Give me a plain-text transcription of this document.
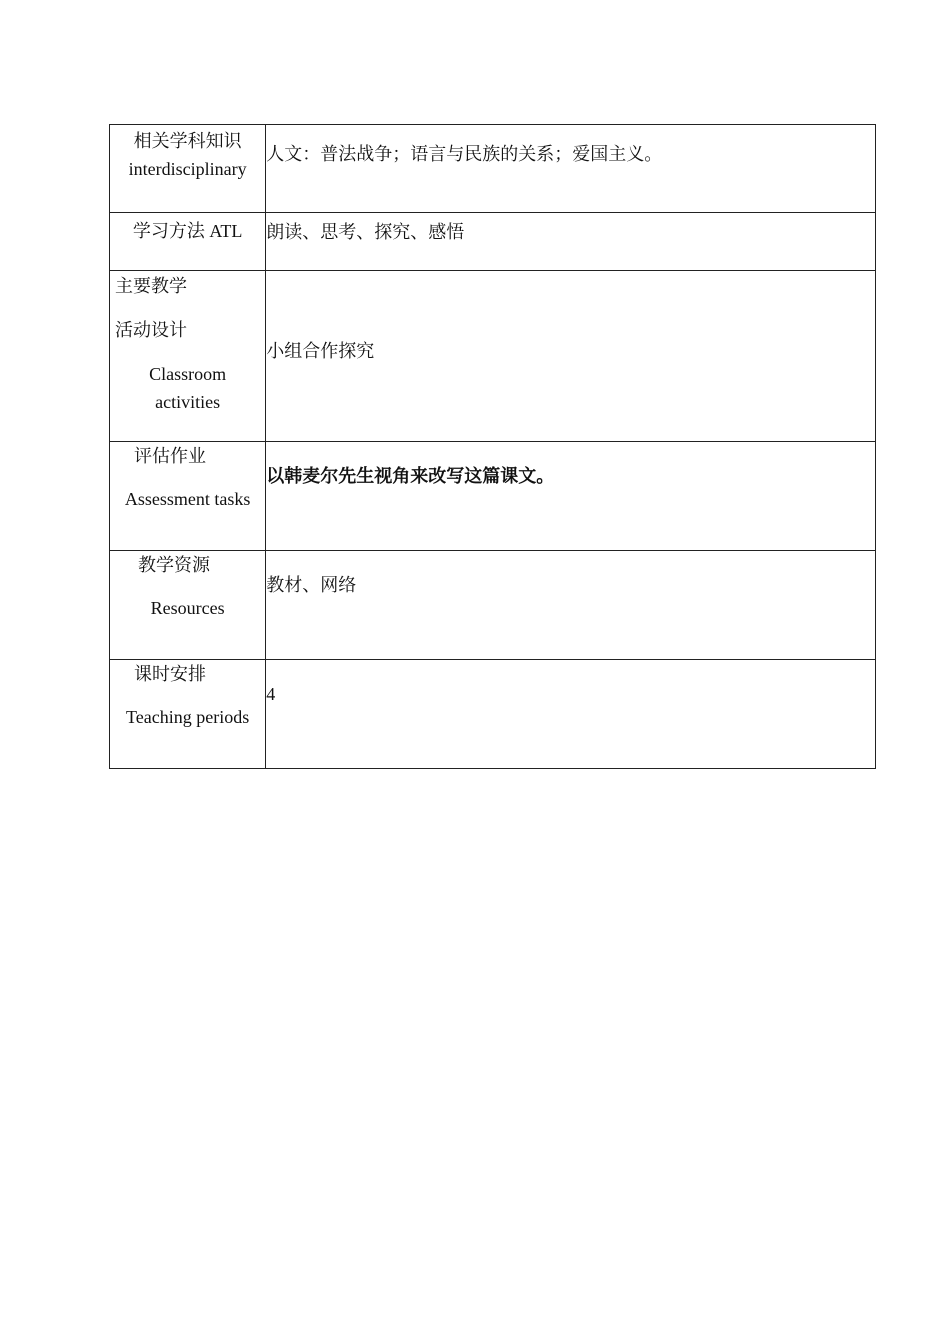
相关学科知识
interdisciplinary	人文：普法战争；语言与民族的关系；爱国主义。

学习方法 ATL	朗读、思考、探究、感悟

主要教学
活动设计
Classroom
activities	小组合作探究

评估作业
Assessment tasks	以韩麦尔先生视角来改写这篇课文。

教学资源
Resources	教材、网络

课时安排
Teaching periods	4
